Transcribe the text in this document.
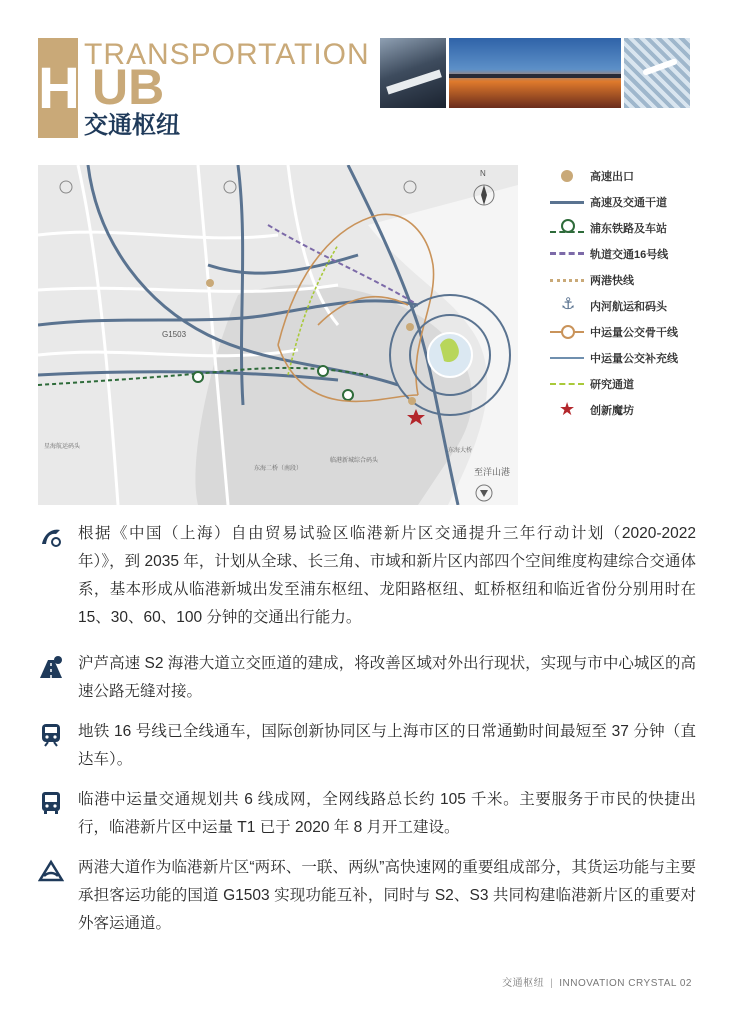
H
TRANSPORTATION
UB
交通枢纽
G1503
N
至洋山港
东海大桥
临港新城综合码头
东海二桥（南段）
星海航运码头
高速出口
高速及交通干道
浦东铁路及车站
轨道交通16号线
两港快线
⚓ 内河航运和码头
中运量公交骨干线
中运量公交补充线
研究通道
★ 创新魔坊
根据《中国（上海）自由贸易试验区临港新片区交通提升三年行动计划（2020-2022 年）》，到 2035 年，计划从全球、长三角、市域和新片区内部四个空间维度构建综合交通体系，基本形成从临港新城出发至浦东枢纽、龙阳路枢纽、虹桥枢纽和临近省份分别用时在 15、30、60、100 分钟的交通出行能力。
沪芦高速 S2 海港大道立交匝道的建成，将改善区域对外出行现状，实现与市中心城区的高速公路无缝对接。
地铁 16 号线已全线通车，国际创新协同区与上海市区的日常通勤时间最短至 37 分钟（直达车）。
临港中运量交通规划共 6 线成网，全网线路总长约 105 千米。主要服务于市民的快捷出行，临港新片区中运量 T1 已于 2020 年 8 月开工建设。
两港大道作为临港新片区“两环、一联、两纵”高快速网的重要组成部分，其货运功能与主要承担客运功能的国道 G1503 实现功能互补，同时与 S2、S3 共同构建临港新片区的重要对外客运通道。
交通枢纽 | INNOVATION CRYSTAL 02
